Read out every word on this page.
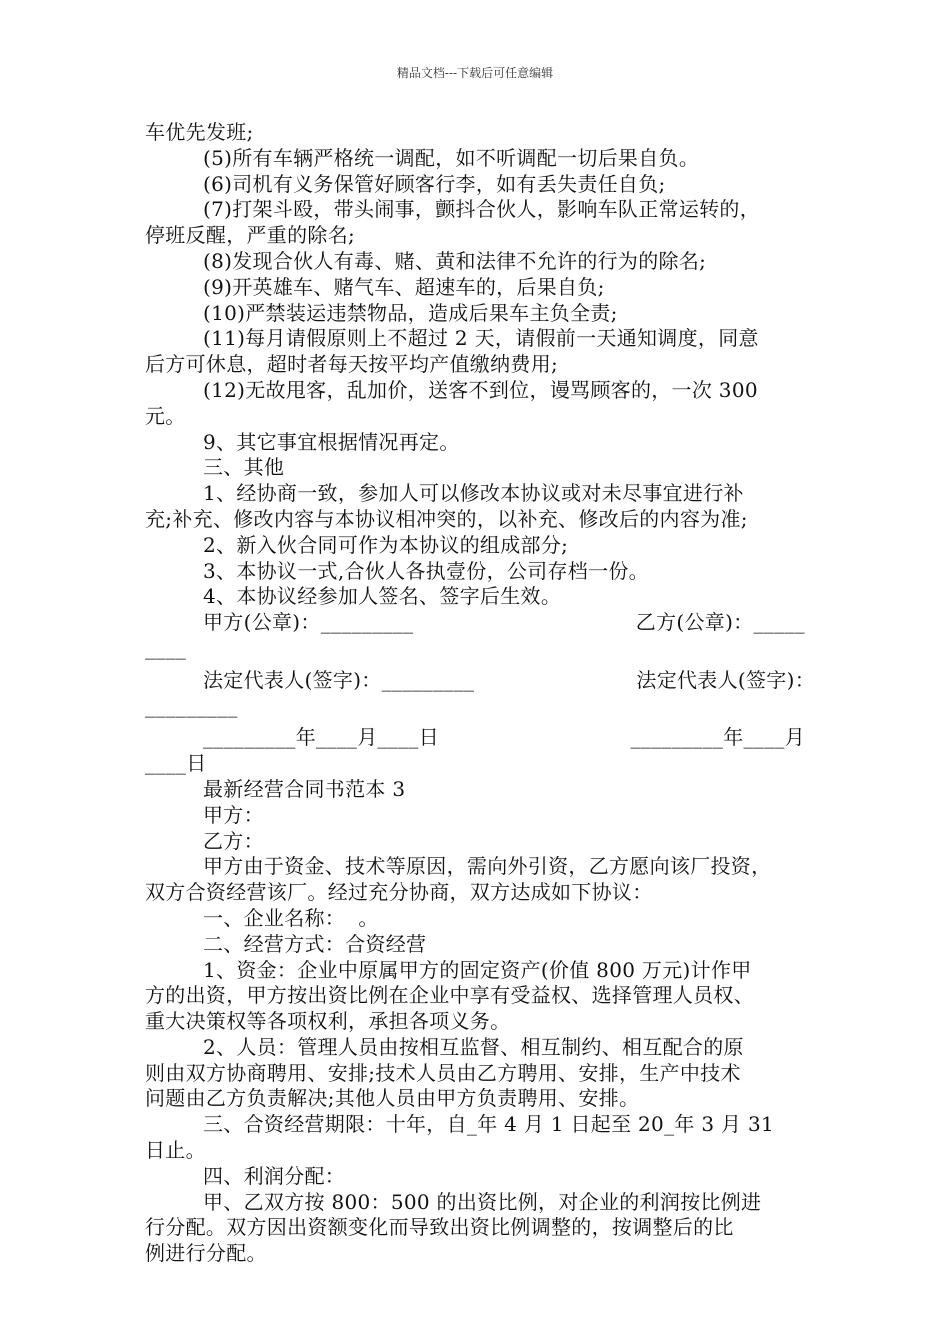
精品文档---下载后可任意编辑
车优先发班;
(5)所有车辆严格统一调配，如不听调配一切后果自负。
(6)司机有义务保管好顾客行李，如有丢失责任自负;
(7)打架斗殴，带头闹事，颤抖合伙人，影响车队正常运转的，
停班反醒，严重的除名;
(8)发现合伙人有毒、赌、黄和法律不允许的行为的除名;
(9)开英雄车、赌气车、超速车的，后果自负;
(10)严禁装运违禁物品，造成后果车主负全责;
(11)每月请假原则上不超过 2 天，请假前一天通知调度，同意
后方可休息，超时者每天按平均产值缴纳费用;
(12)无故甩客，乱加价，送客不到位，谩骂顾客的，一次 300
元。
9、其它事宜根据情况再定。
三、其他
1、经协商一致，参加人可以修改本协议或对未尽事宜进行补
充;补充、修改内容与本协议相冲突的，以补充、修改后的内容为准;
2、新入伙合同可作为本协议的组成部分;
3、本协议一式,合伙人各执壹份，公司存档一份。
4、本协议经参加人签名、签字后生效。
甲方(公章)：_________	乙方(公章)：_____
____
法定代表人(签字)：_________	法定代表人(签字)：
_________
_________年____月____日	_________年____月
____日
最新经营合同书范本 3
甲方：
乙方：
甲方由于资金、技术等原因，需向外引资，乙方愿向该厂投资，
双方合资经营该厂。经过充分协商，双方达成如下协议：
一、企业名称：  。
二、经营方式：合资经营
1、资金：企业中原属甲方的固定资产(价值 800 万元)计作甲
方的出资，甲方按出资比例在企业中享有受益权、选择管理人员权、
重大决策权等各项权利，承担各项义务。
2、人员：管理人员由按相互监督、相互制约、相互配合的原
则由双方协商聘用、安排;技术人员由乙方聘用、安排，生产中技术
问题由乙方负责解决;其他人员由甲方负责聘用、安排。
三、合资经营期限：十年，自_年 4 月 1 日起至 20_年 3 月 31
日止。
四、利润分配：
甲、乙双方按 800：500 的出资比例，对企业的利润按比例进
行分配。双方因出资额变化而导致出资比例调整的，按调整后的比
例进行分配。
